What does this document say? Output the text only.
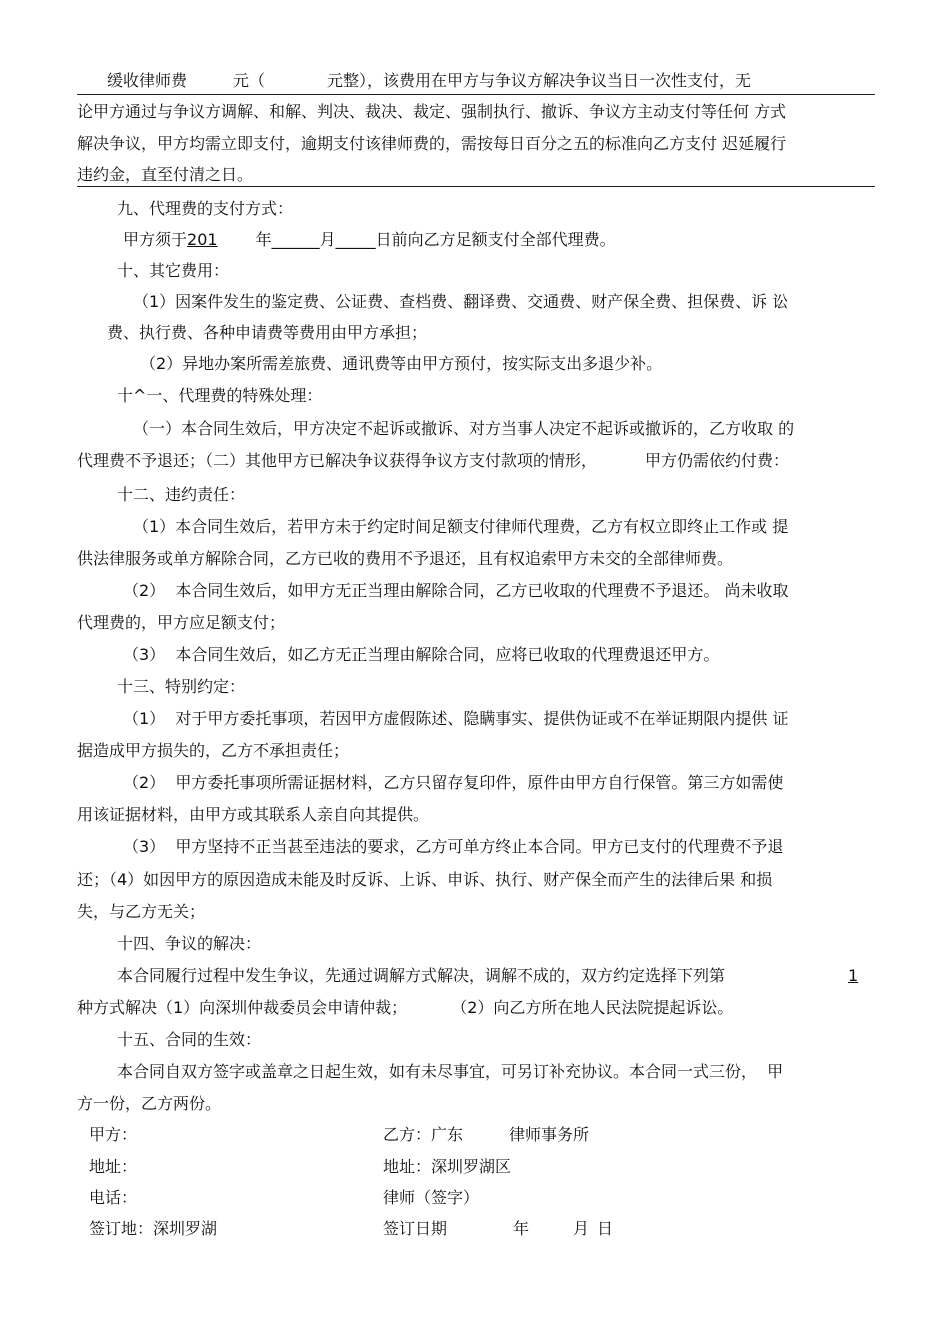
缓收律师费	元（	元整），该费用在甲方与争议方解决争议当日一次性支付，无
论甲方通过与争议方调解、和解、判决、裁决、裁定、强制执行、撤诉、争议方主动支付等任何 方式
解决争议，甲方均需立即支付，逾期支付该律师费的，需按每日百分之五的标准向乙方支付 迟延履行
违约金，直至付清之日。
九、代理费的支付方式：
甲方须于201 年______月_____日前向乙方足额支付全部代理费。
十、其它费用：
（1）因案件发生的鉴定费、公证费、查档费、翻译费、交通费、财产保全费、担保费、诉 讼
费、执行费、各种申请费等费用由甲方承担；
（2）异地办案所需差旅费、通讯费等由甲方预付，按实际支出多退少补。
十^一、代理费的特殊处理：
（一）本合同生效后，甲方决定不起诉或撤诉、对方当事人决定不起诉或撤诉的，乙方收取 的
代理费不予退还；（二）其他甲方已解决争议获得争议方支付款项的情形，	甲方仍需依约付费：
十二、违约责任：
（1）本合同生效后，若甲方未于约定时间足额支付律师代理费，乙方有权立即终止工作或 提
供法律服务或单方解除合同，乙方已收的费用不予退还，且有权追索甲方未交的全部律师费。
（2）  本合同生效后，如甲方无正当理由解除合同，乙方已收取的代理费不予退还。 尚未收取
代理费的，甲方应足额支付；
（3）  本合同生效后，如乙方无正当理由解除合同，应将已收取的代理费退还甲方。
十三、特别约定：
（1）  对于甲方委托事项，若因甲方虚假陈述、隐瞒事实、提供伪证或不在举证期限内提供 证
据造成甲方损失的，乙方不承担责任；
（2）  甲方委托事项所需证据材料，乙方只留存复印件，原件由甲方自行保管。第三方如需使
用该证据材料，由甲方或其联系人亲自向其提供。
（3）  甲方坚持不正当甚至违法的要求，乙方可单方终止本合同。甲方已支付的代理费不予退
还；（4）如因甲方的原因造成未能及时反诉、上诉、申诉、执行、财产保全而产生的法律后果 和损
失，与乙方无关；
十四、争议的解决：
本合同履行过程中发生争议，先通过调解方式解决，调解不成的，双方约定选择下列第	1
种方式解决（1）向深圳仲裁委员会申请仲裁；	（2）向乙方所在地人民法院提起诉讼。
十五、合同的生效：
本合同自双方签字或盖章之日起生效，如有未尽事宜，可另订补充协议。本合同一式三份，  甲
方一份，乙方两份。
甲方：	乙方：广东	律师事务所
地址：	地址：深圳罗湖区
电话：	律师（签字）
签订地：深圳罗湖	签订日期	年	月 日
